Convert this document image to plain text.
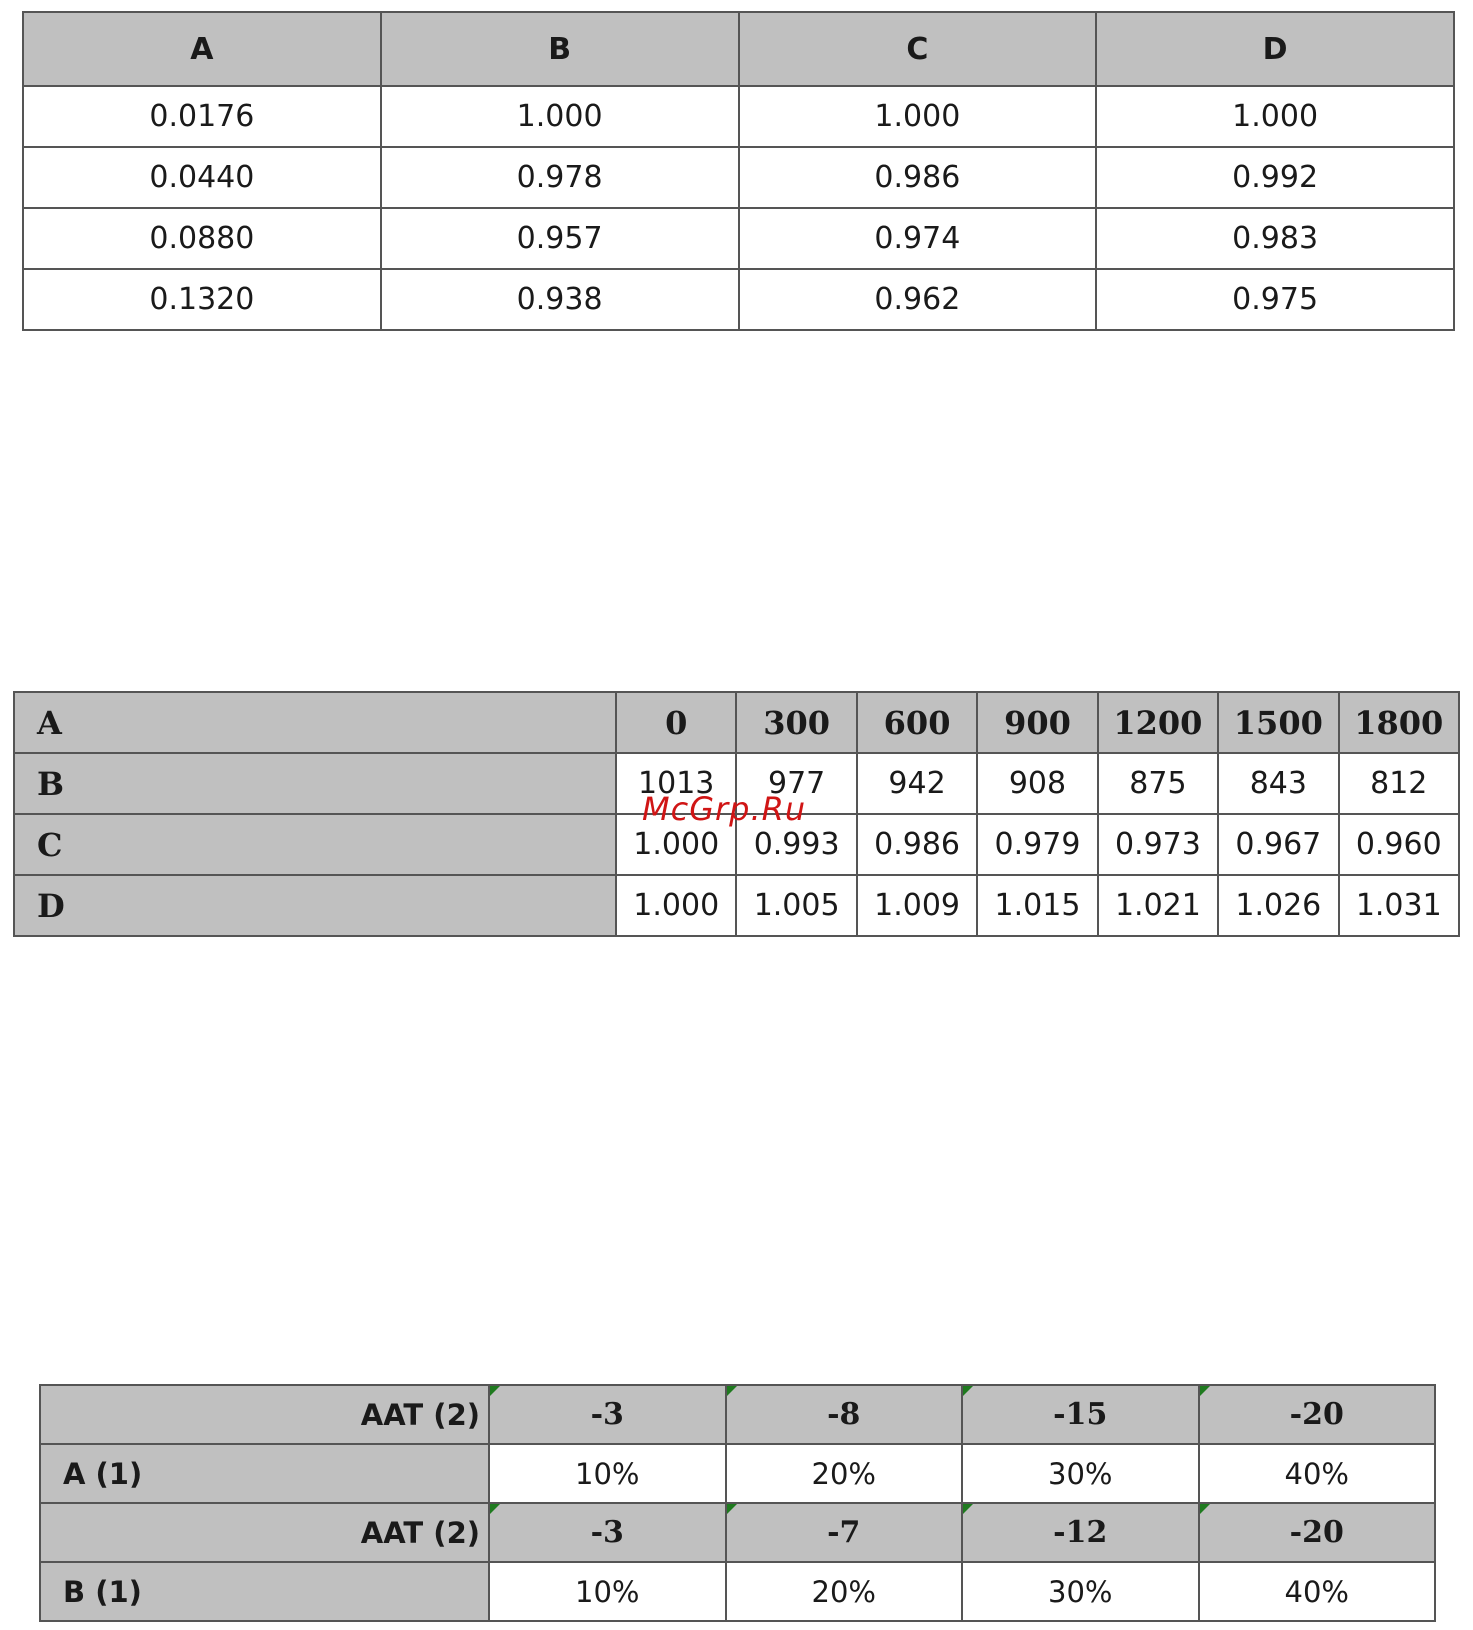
A	B	C	D
0.0176	1.000	1.000	1.000
0.0440	0.978	0.986	0.992
0.0880	0.957	0.974	0.983
0.1320	0.938	0.962	0.975
A	0	300	600	900	1200	1500	1800
B	1013	977	942	908	875	843	812
C	1.000	0.993	0.986	0.979	0.973	0.967	0.960
D	1.000	1.005	1.009	1.015	1.021	1.026	1.031
McGrp.Ru
AAT (2)	-3	-8	-15	-20
A (1)	10%	20%	30%	40%
AAT (2)	-3	-7	-12	-20
B (1)	10%	20%	30%	40%
